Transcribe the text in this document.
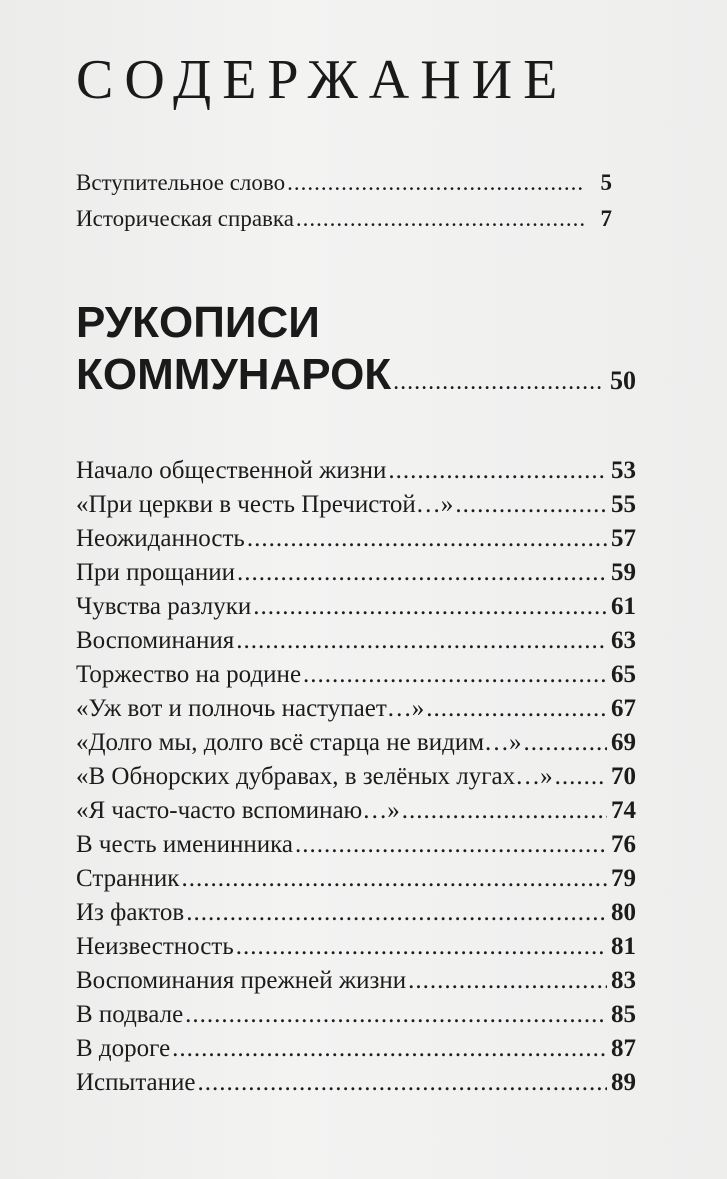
СОДЕРЖАНИЕ
Вступительное слово .....	5
Историческая справка .....	7
РУКОПИСИ
КОММУНАРОК .....	50
Начало общественной жизни .....	53
«При церкви в честь Пречистой…» .....	55
Неожиданность .....	57
При прощании .....	59
Чувства разлуки .....	61
Воспоминания .....	63
Торжество на родине .....	65
«Уж вот и полночь наступает…» .....	67
«Долго мы, долго всё старца не видим…» .....	69
«В Обнорских дубравах, в зелёных лугах…» ..... 70
«Я часто-часто вспоминаю…» .....	74
В честь именинника .....	76
Странник .....	79
Из фактов .....	80
Неизвестность .....	81
Воспоминания прежней жизни .....	83
В подвале .....	85
В дороге .....	87
Испытание .....	89
